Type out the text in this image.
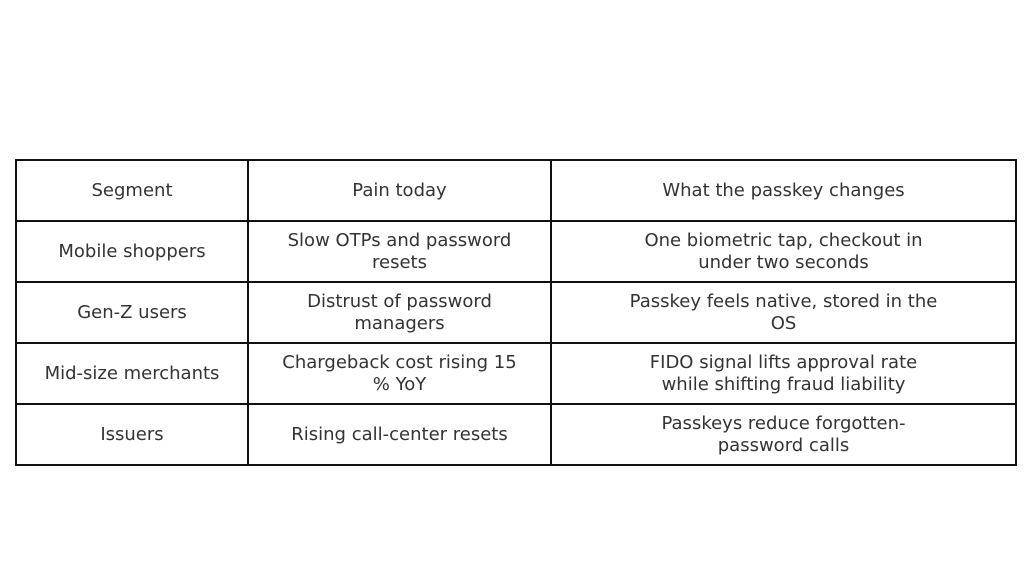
Segment	Pain today	What the passkey changes
Mobile shoppers	Slow OTPs and password resets	One biometric tap, checkout in under two seconds
Gen-Z users	Distrust of password managers	Passkey feels native, stored in the OS
Mid-size merchants	Chargeback cost rising 15 % YoY	FIDO signal lifts approval rate while shifting fraud liability
Issuers	Rising call-center resets	Passkeys reduce forgotten-password calls
